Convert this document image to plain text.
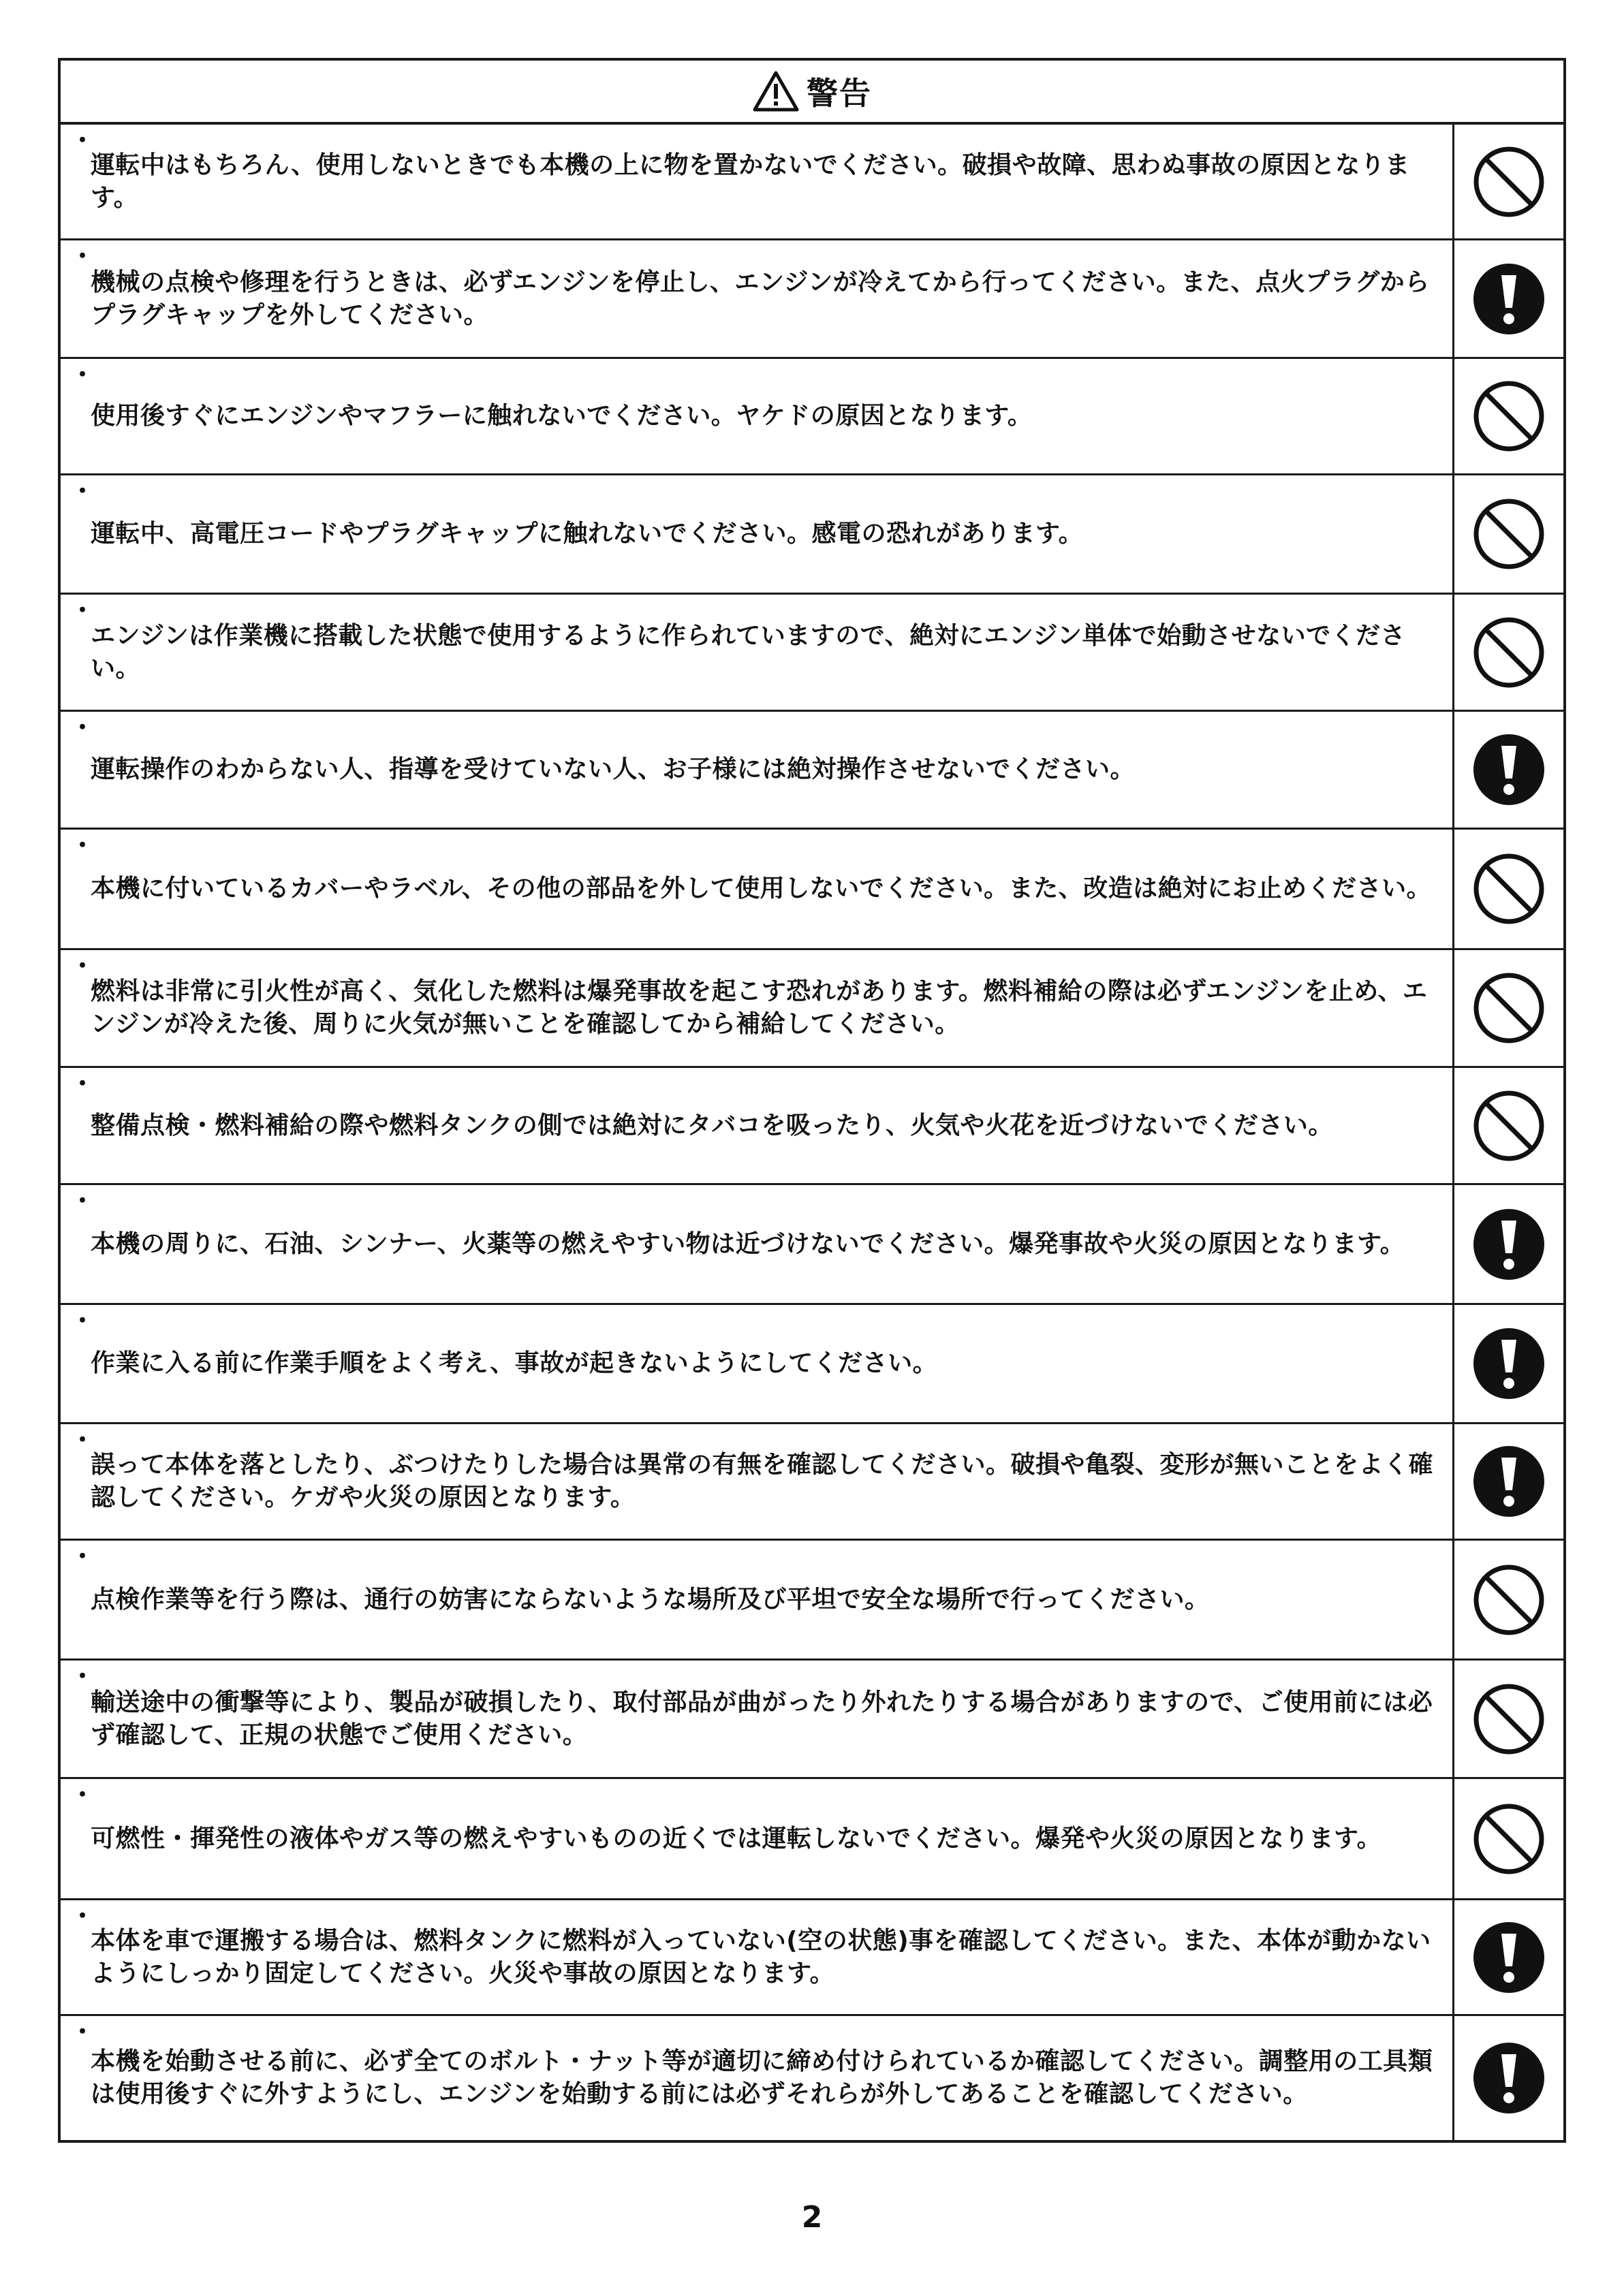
警告
・
運転中はもちろん、使用しないときでも本機の上に物を置かないでください。破損や故障、思わぬ事故の原因となります。
・
機械の点検や修理を行うときは、必ずエンジンを停止し、エンジンが冷えてから行ってください。また、点火プラグからプラグキャップを外してください。
・
使用後すぐにエンジンやマフラーに触れないでください。ヤケドの原因となります。
・
運転中、高電圧コードやプラグキャップに触れないでください。感電の恐れがあります。
・
エンジンは作業機に搭載した状態で使用するように作られていますので、絶対にエンジン単体で始動させないでください。
・
運転操作のわからない人、指導を受けていない人、お子様には絶対操作させないでください。
・
本機に付いているカバーやラベル、その他の部品を外して使用しないでください。また、改造は絶対にお止めください。
・
燃料は非常に引火性が高く、気化した燃料は爆発事故を起こす恐れがあります。燃料補給の際は必ずエンジンを止め、エンジンが冷えた後、周りに火気が無いことを確認してから補給してください。
・
整備点検・燃料補給の際や燃料タンクの側では絶対にタバコを吸ったり、火気や火花を近づけないでください。
・
本機の周りに、石油、シンナー、火薬等の燃えやすい物は近づけないでください。爆発事故や火災の原因となります。
・
作業に入る前に作業手順をよく考え、事故が起きないようにしてください。
・
誤って本体を落としたり、ぶつけたりした場合は異常の有無を確認してください。破損や亀裂、変形が無いことをよく確認してください。ケガや火災の原因となります。
・
点検作業等を行う際は、通行の妨害にならないような場所及び平坦で安全な場所で行ってください。
・
輸送途中の衝撃等により、製品が破損したり、取付部品が曲がったり外れたりする場合がありますので、ご使用前には必ず確認して、正規の状態でご使用ください。
・
可燃性・揮発性の液体やガス等の燃えやすいものの近くでは運転しないでください。爆発や火災の原因となります。
・
本体を車で運搬する場合は、燃料タンクに燃料が入っていない(空の状態)事を確認してください。また、本体が動かないようにしっかり固定してください。火災や事故の原因となります。
・
本機を始動させる前に、必ず全てのボルト・ナット等が適切に締め付けられているか確認してください。調整用の工具類は使用後すぐに外すようにし、エンジンを始動する前には必ずそれらが外してあることを確認してください。
2
